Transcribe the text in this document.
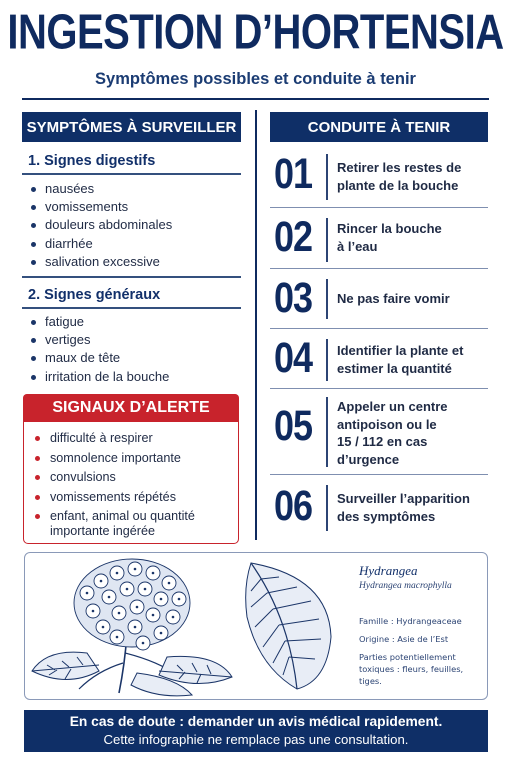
INGESTION D’HORTENSIA
Symptômes possibles et conduite à tenir
SYMPTÔMES À SURVEILLER
1. Signes digestifs
nausées
vomissements
douleurs abdominales
diarrhée
salivation excessive
2. Signes généraux
fatigue
vertiges
maux de tête
irritation de la bouche
SIGNAUX D’ALERTE
difficulté à respirer
somnolence importante
convulsions
vomissements répétés
enfant, animal ou quantité importante ingérée
CONDUITE À TENIR
01 Retirer les restes de plante de la bouche
02 Rincer la bouche à l’eau
03 Ne pas faire vomir
04 Identifier la plante et estimer la quantité
05 Appeler un centre antipoison ou le 15 / 112 en cas d’urgence
06 Surveiller l’apparition des symptômes
Hydrangea
Hydrangea macrophylla
Famille : Hydrangeaceae
Origine : Asie de l’Est
Parties potentiellement toxiques : fleurs, feuilles, tiges.
En cas de doute : demander un avis médical rapidement.
Cette infographie ne remplace pas une consultation.
